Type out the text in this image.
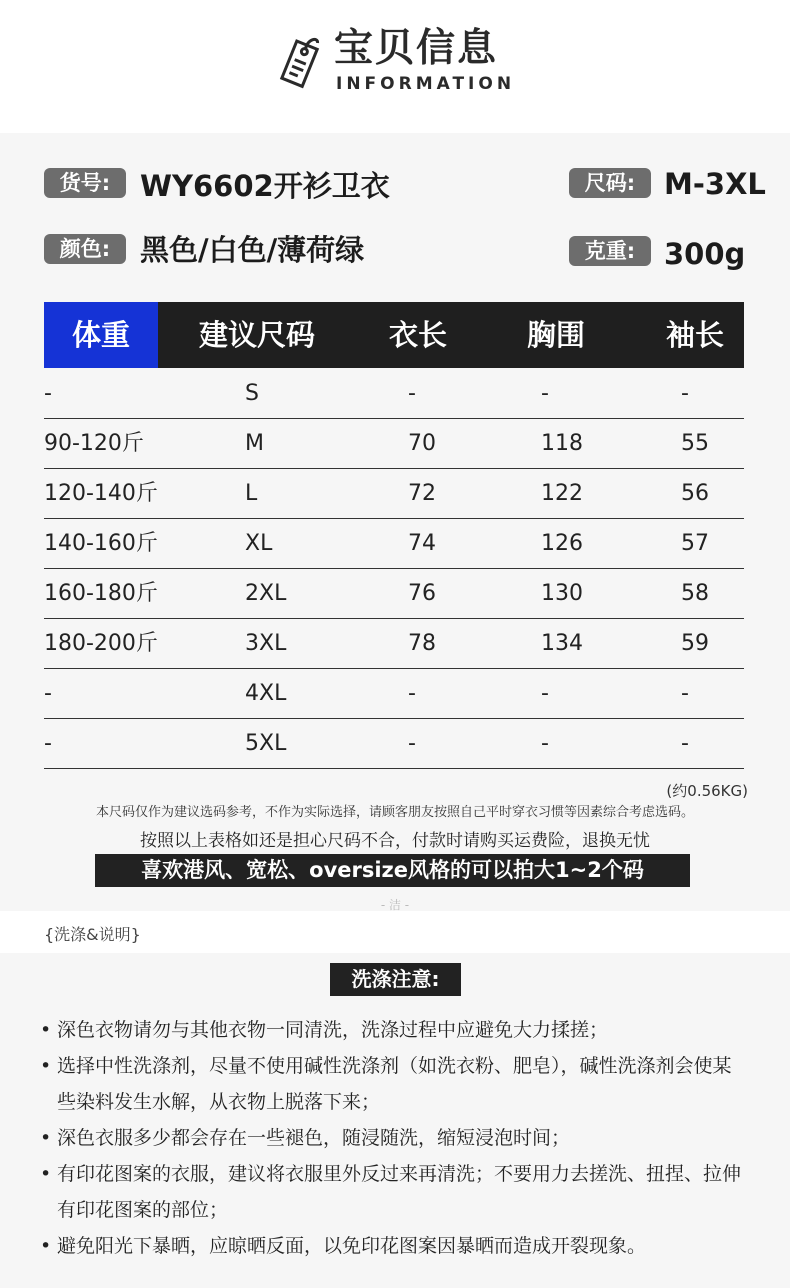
宝贝信息
INFORMATION
货号:	WY6602开衫卫衣	尺码: M-3XL
颜色:	黑色/白色/薄荷绿	克重: 300g
体重	建议尺码	衣长	胸围	袖长
-	S	-	-	-
90-120斤	M	70	118	55
120-140斤	L	72	122	56
140-160斤	XL	74	126	57
160-180斤	2XL	76	130	58
180-200斤	3XL	78	134	59
-	4XL	-	-	-
-	5XL	-	-	-
(约0.56KG)
本尺码仅作为建议选码参考，不作为实际选择，请顾客朋友按照自己平时穿衣习惯等因素综合考虑选码。
按照以上表格如还是担心尺码不合，付款时请购买运费险，退换无忧
喜欢港风、宽松、oversize风格的可以拍大1~2个码
- 洁 -
{洗涤&说明}
洗涤注意:
• 深色衣物请勿与其他衣物一同清洗，洗涤过程中应避免大力揉搓；
• 选择中性洗涤剂，尽量不使用碱性洗涤剂（如洗衣粉、肥皂），碱性洗涤剂会使某些染料发生水解，从衣物上脱落下来；
• 深色衣服多少都会存在一些褪色，随浸随洗，缩短浸泡时间；
• 有印花图案的衣服，建议将衣服里外反过来再清洗；不要用力去搓洗、扭捏、拉伸有印花图案的部位；
• 避免阳光下暴晒，应晾晒反面，以免印花图案因暴晒而造成开裂现象。
